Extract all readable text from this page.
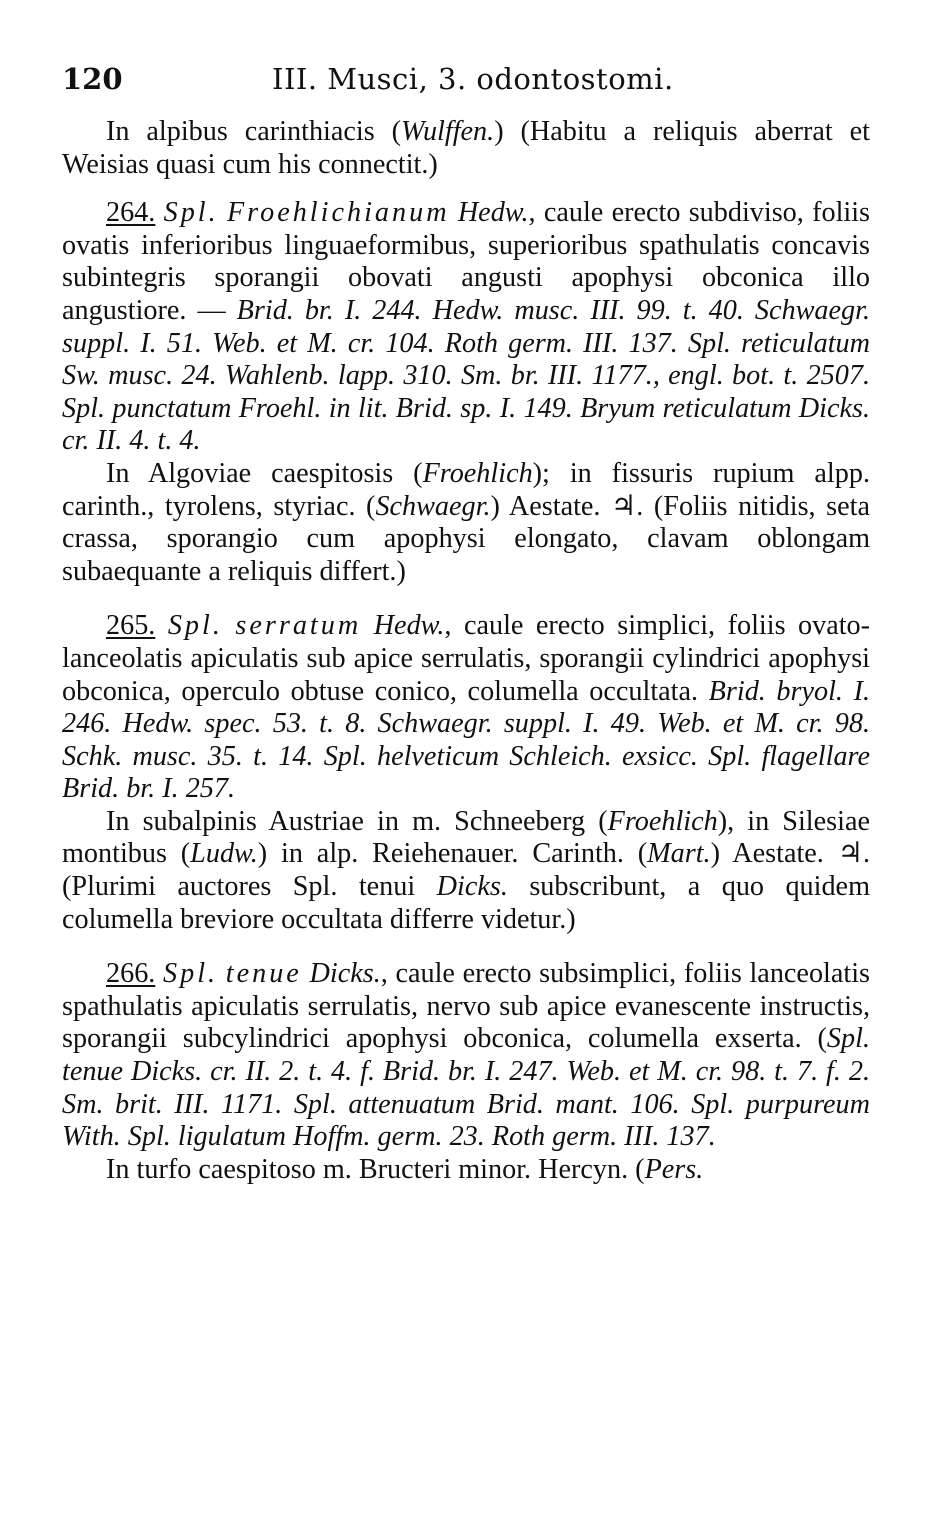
120	III. Musci, 3. odontostomi.

In alpibus carinthiacis (Wulffen.) (Habitu a reliquis aberrat et Weisias quasi cum his connectit.)

264. Spl. Froehlichianum Hedw., caule erecto subdiviso, foliis ovatis inferioribus linguaeformibus, superioribus spathulatis concavis subintegris sporangii obovati angusti apophysi obconica illo angustiore. — Brid. br. I. 244. Hedw. musc. III. 99. t. 40. Schwaegr. suppl. I. 51. Web. et M. cr. 104. Roth germ. III. 137. Spl. reticulatum Sw. musc. 24. Wahlenb. lapp. 310. Sm. br. III. 1177., engl. bot. t. 2507. Spl. punctatum Froehl. in lit. Brid. sp. I. 149. Bryum reticulatum Dicks. cr. II. 4. t. 4.

In Algoviae caespitosis (Froehlich); in fissuris rupium alpp. carinth., tyrolens, styriac. (Schwaegr.) Aestate. ♃. (Foliis nitidis, seta crassa, sporangio cum apophysi elongato, clavam oblongam subaequante a reliquis differt.)

265. Spl. serratum Hedw., caule erecto simplici, foliis ovato-lanceolatis apiculatis sub apice serrulatis, sporangii cylindrici apophysi obconica, operculo obtuse conico, columella occultata. Brid. bryol. I. 246. Hedw. spec. 53. t. 8. Schwaegr. suppl. I. 49. Web. et M. cr. 98. Schk. musc. 35. t. 14. Spl. helveticum Schleich. exsicc. Spl. flagellare Brid. br. I. 257.

In subalpinis Austriae in m. Schneeberg (Froehlich), in Silesiae montibus (Ludw.) in alp. Reiehenauer. Carinth. (Mart.) Aestate. ♃. (Plurimi auctores Spl. tenui Dicks. subscribunt, a quo quidem columella breviore occultata differre videtur.)

266. Spl. tenue Dicks., caule erecto subsimplici, foliis lanceolatis spathulatis apiculatis serrulatis, nervo sub apice evanescente instructis, sporangii subcylindrici apophysi obconica, columella exserta. (Spl. tenue Dicks. cr. II. 2. t. 4. f. Brid. br. I. 247. Web. et M. cr. 98. t. 7. f. 2. Sm. brit. III. 1171. Spl. attenuatum Brid. mant. 106. Spl. purpureum With. Spl. ligulatum Hoffm. germ. 23. Roth germ. III. 137.

In turfo caespitoso m. Bructeri minor. Hercyn. (Pers.
